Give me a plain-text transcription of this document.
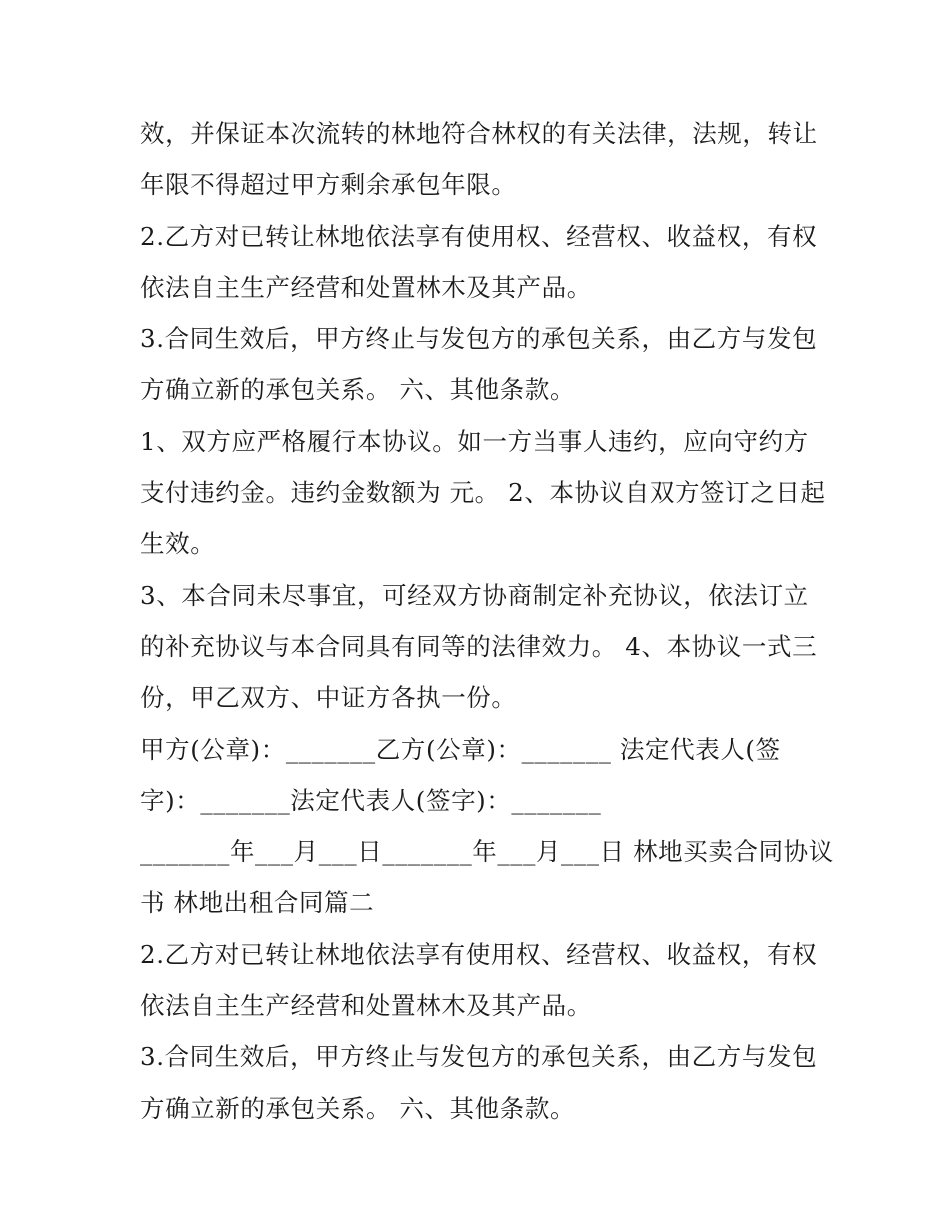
效，并保证本次流转的林地符合林权的有关法律，法规，转让
年限不得超过甲方剩余承包年限。
2.乙方对已转让林地依法享有使用权、经营权、收益权，有权
依法自主生产经营和处置林木及其产品。
3.合同生效后，甲方终止与发包方的承包关系，由乙方与发包
方确立新的承包关系。 六、其他条款。
1、双方应严格履行本协议。如一方当事人违约，应向守约方
支付违约金。违约金数额为 元。 2、本协议自双方签订之日起
生效。
3、本合同未尽事宜，可经双方协商制定补充协议，依法订立
的补充协议与本合同具有同等的法律效力。 4、本协议一式三
份，甲乙双方、中证方各执一份。
甲方(公章)：_______乙方(公章)：_______ 法定代表人(签
字)：_______法定代表人(签字)：_______
_______年___月___日_______年___月___日 林地买卖合同协议
书 林地出租合同篇二
2.乙方对已转让林地依法享有使用权、经营权、收益权，有权
依法自主生产经营和处置林木及其产品。
3.合同生效后，甲方终止与发包方的承包关系，由乙方与发包
方确立新的承包关系。 六、其他条款。
